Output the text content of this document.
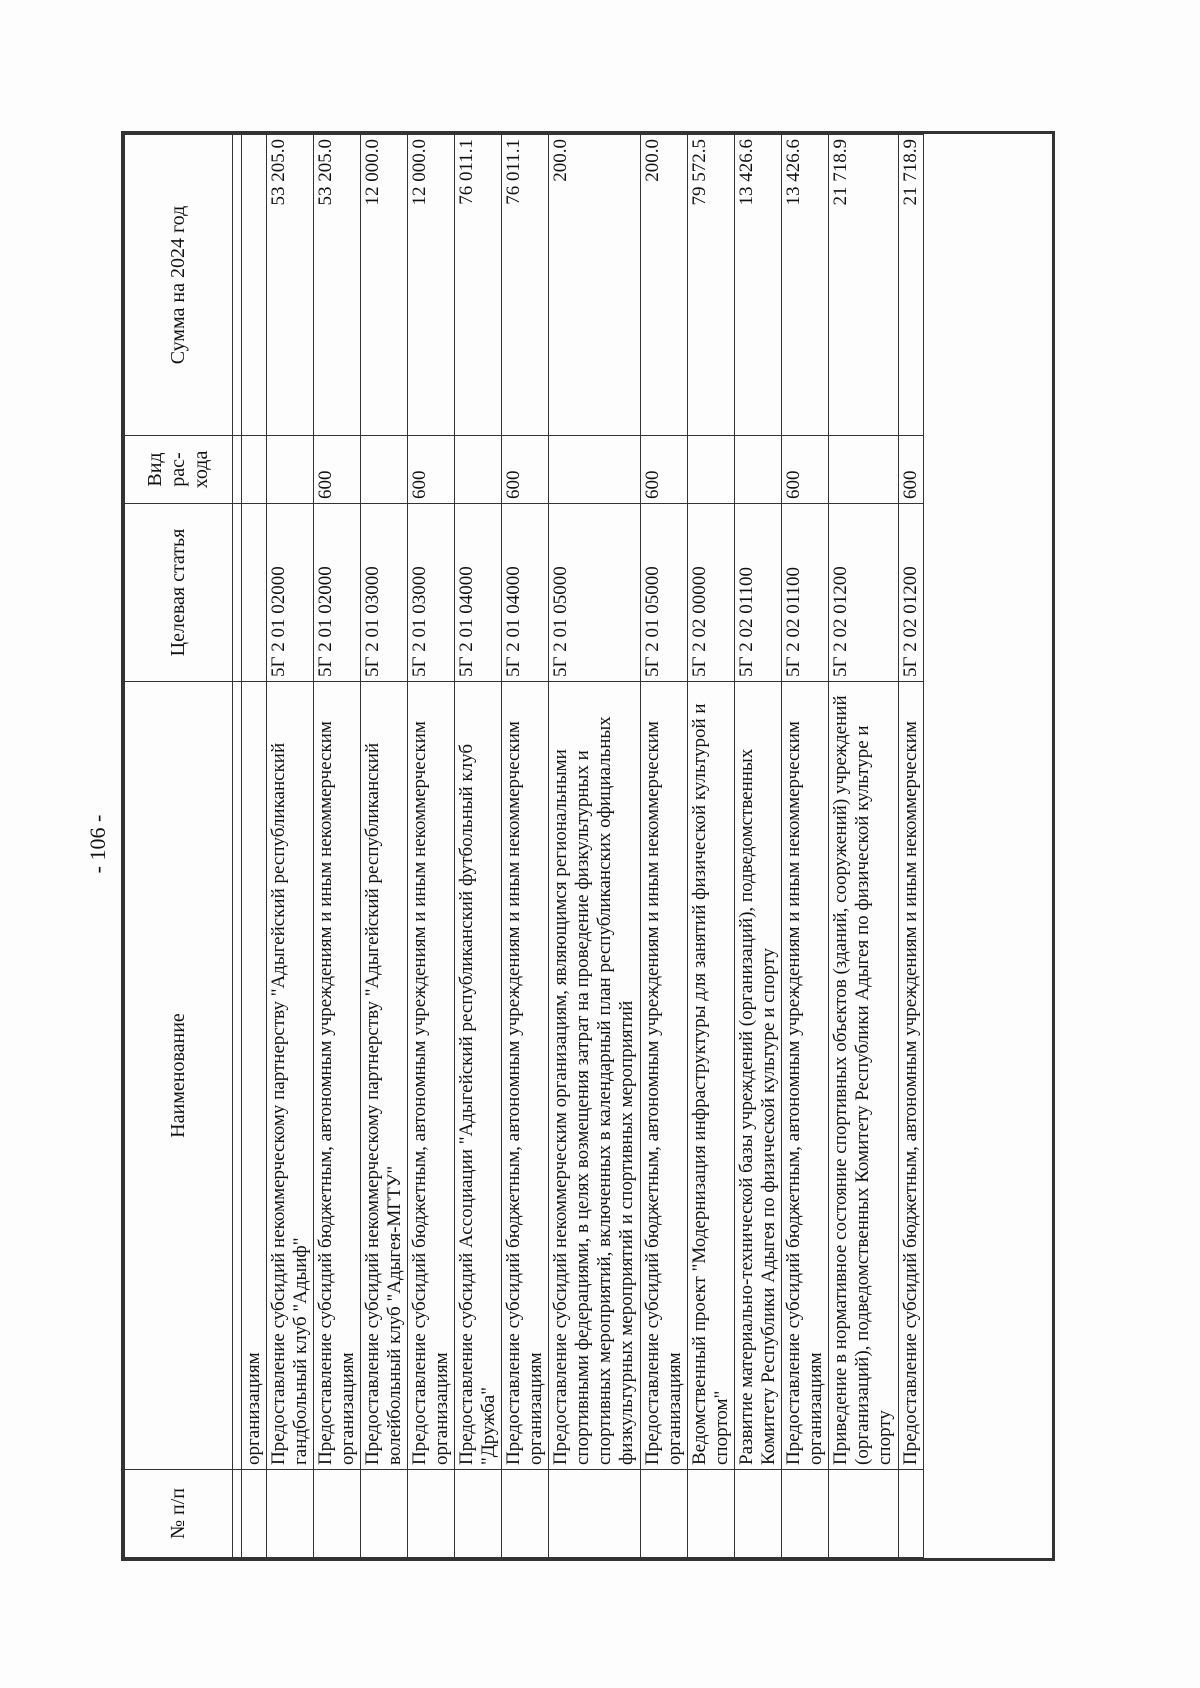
- 106 -
№ п/п	Наименование	Целевая статья	Вид рас-хода	Сумма на 2024 год

	организациям			
	Предоставление субсидий некоммерческому партнерству "Адыгейский республиканский гандбольный клуб "Адыиф"	5Г 2 01 02000		53 205.0
	Предоставление субсидий бюджетным, автономным учреждениям и иным некоммерческим организациям	5Г 2 01 02000	600	53 205.0
	Предоставление субсидий некоммерческому партнерству "Адыгейский республиканский волейбольный клуб "Адыгея-МГТУ"	5Г 2 01 03000		12 000.0
	Предоставление субсидий бюджетным, автономным учреждениям и иным некоммерческим организациям	5Г 2 01 03000	600	12 000.0
	Предоставление субсидий Ассоциации "Адыгейский республиканский футбольный клуб "Дружба"	5Г 2 01 04000		76 011.1
	Предоставление субсидий бюджетным, автономным учреждениям и иным некоммерческим организациям	5Г 2 01 04000	600	76 011.1
	Предоставление субсидий некоммерческим организациям, являющимся региональными спортивными федерациями, в целях возмещения затрат на проведение физкультурных и спортивных мероприятий, включенных в календарный план республиканских официальных физкультурных мероприятий и спортивных мероприятий	5Г 2 01 05000		200.0
	Предоставление субсидий бюджетным, автономным учреждениям и иным некоммерческим организациям	5Г 2 01 05000	600	200.0
	Ведомственный проект "Модернизация инфраструктуры для занятий физической культурой и спортом"	5Г 2 02 00000		79 572.5
	Развитие материально-технической базы учреждений (организаций), подведомственных Комитету Республики Адыгея по физической культуре и спорту	5Г 2 02 01100		13 426.6
	Предоставление субсидий бюджетным, автономным учреждениям и иным некоммерческим организациям	5Г 2 02 01100	600	13 426.6
	Приведение в нормативное состояние спортивных объектов (зданий, сооружений) учреждений (организаций), подведомственных Комитету Республики Адыгея по физической культуре и спорту	5Г 2 02 01200		21 718.9
	Предоставление субсидий бюджетным, автономным учреждениям и иным некоммерческим	5Г 2 02 01200	600	21 718.9
